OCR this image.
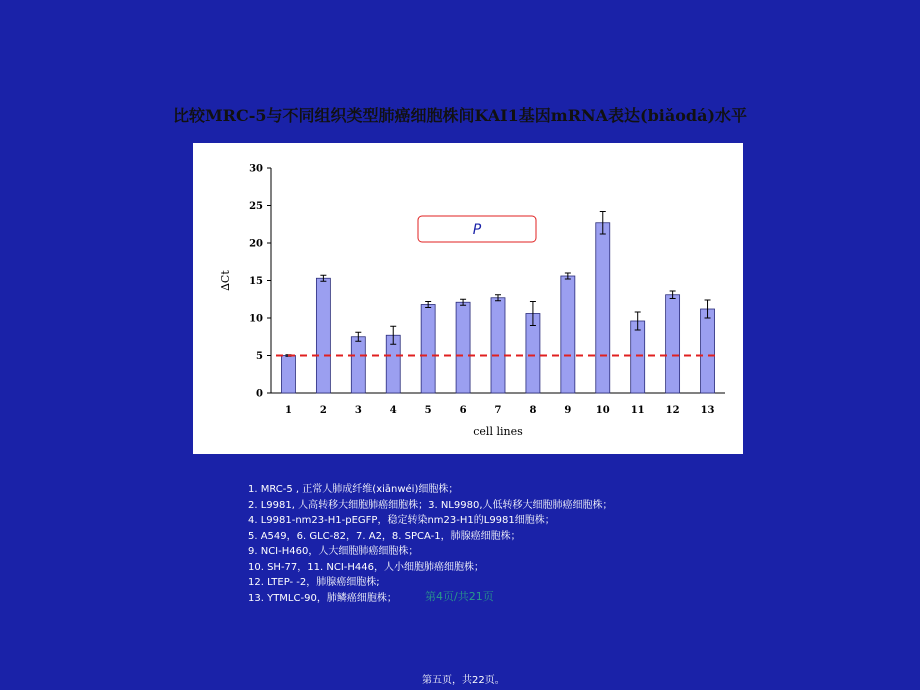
比较MRC-5与不同组织类型肺癌细胞株间KAI1基因mRNA表达(biǎodá)水平
0
5
10
15
20
25
30
1	2	3	4	5	6	7	8	9 10 11 12 13
cell lines
∆Ct
P
1. MRC-5 , 正常人肺成纤维(xiānwéi)细胞株；
2. L9981, 人高转移大细胞肺癌细胞株；3. NL9980,人低转移大细胞肺癌细胞株；
4. L9981-nm23-H1-pEGFP，稳定转染nm23-H1的L9981细胞株；
5. A549，6. GLC-82，7. A2，8. SPCA-1，肺腺癌细胞株；
9. NCI-H460，人大细胞肺癌细胞株；
10. SH-77，11. NCI-H446，人小细胞肺癌细胞株；
12. LTEP- -2，肺腺癌细胞株;
13. YTMLC-90，肺鳞癌细胞株；	第4页/共21页
第五页，共22页。
